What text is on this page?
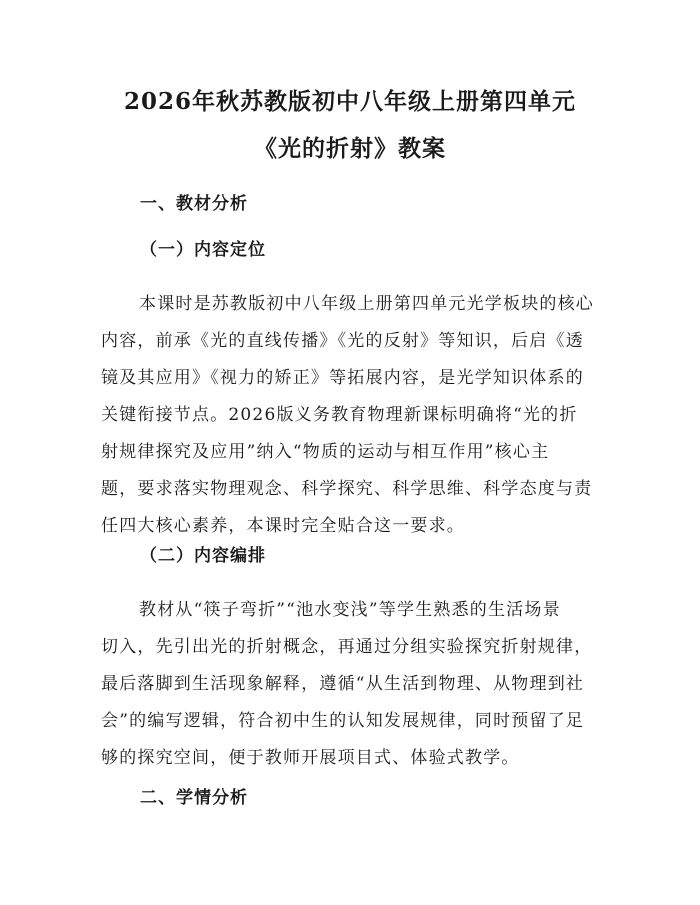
2026年秋苏教版初中八年级上册第四单元
《光的折射》教案
一、教材分析
（一）内容定位
本课时是苏教版初中八年级上册第四单元光学板块的核心
内容，前承《光的直线传播》《光的反射》等知识，后启《透
镜及其应用》《视力的矫正》等拓展内容，是光学知识体系的
关键衔接节点。2026版义务教育物理新课标明确将“光的折
射规律探究及应用”纳入“物质的运动与相互作用”核心主
题，要求落实物理观念、科学探究、科学思维、科学态度与责
任四大核心素养，本课时完全贴合这一要求。
（二）内容编排
教材从“筷子弯折”“池水变浅”等学生熟悉的生活场景
切入，先引出光的折射概念，再通过分组实验探究折射规律，
最后落脚到生活现象解释，遵循“从生活到物理、从物理到社
会”的编写逻辑，符合初中生的认知发展规律，同时预留了足
够的探究空间，便于教师开展项目式、体验式教学。
二、学情分析
